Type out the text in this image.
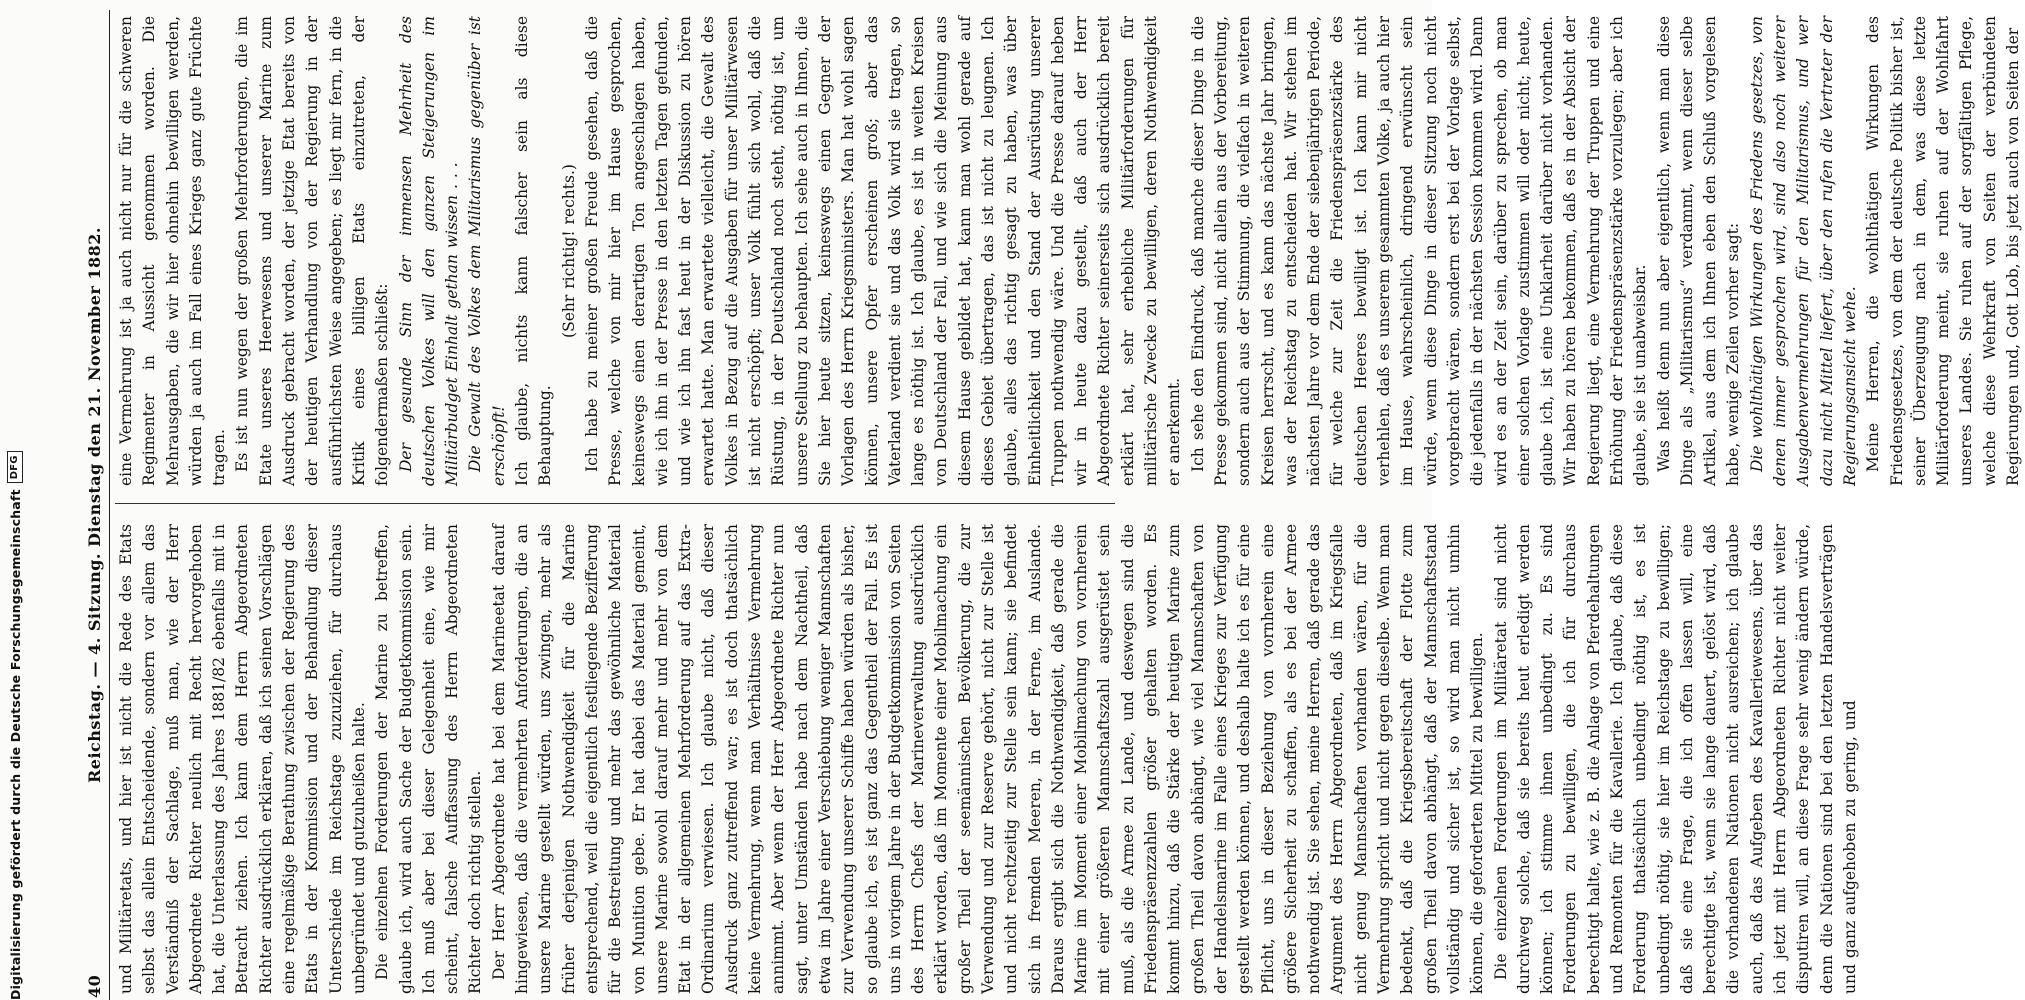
40
Reichstag. — 4. Sitzung. Dienstag den 21. November 1882. und Militäretats, und hier ist nicht die Rede des Etats selbst das allein Entscheidende, sondern vor allem das Verständniß der Sachlage, muß man, wie der Herr Abgeordnete Richter neulich mit Recht hervorgehoben hat, die Unterlassung des Jahres 1881/82 ebenfalls mit in Betracht ziehen. Ich kann dem Herrn Abgeordneten Richter ausdrücklich erklären, daß ich seinen Vorschlägen eine regelmäßige Berathung zwischen der Regierung des Etats in der Kommission und der Behandlung dieser Unterschiede im Reichstage zuzuziehen, für durchaus unbegründet und gutzuheißen halte. Die einzelnen Forderungen der Marine zu betreffen, glaube ich, wird auch Sache der Budgetkommission sein. Ich muß aber bei dieser Gelegenheit eine, wie mir scheint, falsche Auffassung des Herrn Abgeordneten Richter doch richtig stellen. Der Herr Abgeordnete hat bei dem Marineetat darauf hingewiesen, daß die vermehrten Anforderungen, die an unsere Marine gestellt würden, uns zwingen, mehr als früher derjenigen Nothwendigkeit für die Marine entsprechend, weil die eigentlich festliegende Bezifferung für die Bestreitung und mehr das gewöhnliche Material von Munition gebe. Er hat dabei das Material gemeint, unsere Marine sowohl darauf mehr und mehr von dem Etat in der allgemeinen Mehrforderung auf das Extra-Ordinarium verwiesen. Ich glaube nicht, daß dieser Ausdruck ganz zutreffend war; es ist doch thatsächlich keine Vermehrung, wenn man Verhältnisse Vermehrung annimmt. Aber wenn der Herr Abgeordnete Richter nun sagt, unter Umständen habe nach dem Nachtheil, daß etwa im Jahre einer Verschiebung weniger Mannschaften zur Verwendung unserer Schiffe haben würden als bisher, so glaube ich, es ist ganz das Gegentheil der Fall. Es ist uns in vorigem Jahre in der Budgetkommission von Seiten des Herrn Chefs der Marineverwaltung ausdrücklich erklärt worden, daß im Momente einer Mobilmachung ein großer Theil der seemännischen Bevölkerung, die zur Verwendung und zur Reserve gehört, nicht zur Stelle ist und nicht rechtzeitig zur Stelle sein kann; sie befindet sich in fremden Meeren, in der Ferne, im Auslande. Daraus ergibt sich die Nothwendigkeit, daß gerade die Marine im Moment einer Mobilmachung von vornherein mit einer größeren Mannschaftszahl ausgerüstet sein muß, als die Armee zu Lande, und deswegen sind die Friedenspräsenzzahlen größer gehalten worden. Es kommt hinzu, daß die Stärke der heutigen Marine zum großen Theil davon abhängt, wie viel Mannschaften von der Handelsmarine im Falle eines Krieges zur Verfügung gestellt werden können, und deshalb halte ich es für eine Pflicht, uns in dieser Beziehung von vornherein eine größere Sicherheit zu schaffen, als es bei der Armee nothwendig ist. Sie sehen, meine Herren, daß gerade das Argument des Herrn Abgeordneten, daß im Kriegsfalle nicht genug Mannschaften vorhanden wären, für die Vermehrung spricht und nicht gegen dieselbe. Wenn man bedenkt, daß die Kriegsbereitschaft der Flotte zum großen Theil davon abhängt, daß der Mannschaftsstand vollständig und sicher ist, so wird man nicht umhin können, die geforderten Mittel zu bewilligen. Die einzelnen Forderungen im Militäretat sind nicht durchweg solche, daß sie bereits heut erledigt werden können; ich stimme ihnen unbedingt zu. Es sind Forderungen zu bewilligen, die ich für durchaus berechtigt halte, wie z. B. die Anlage von Pferdehaltungen und Remonten für die Kavallerie. Ich glaube, daß diese Forderung thatsächlich unbedingt nöthig ist, es ist unbedingt nöthig, sie hier im Reichstage zu bewilligen; daß sie eine Frage, die ich offen lassen will, eine berechtigte ist, wenn sie lange dauert, gelöst wird, daß die vorhandenen Nationen nicht ausreichen; ich glaube auch, daß das Aufgeben des Kavalleriewesens, über das ich jetzt mit Herrn Abgeordneten Richter nicht weiter disputiren will, an diese Frage sehr wenig ändern würde, denn die Nationen sind bei den letzten Handelsverträgen und ganz aufgehoben zu gering, und

eine Vermehrung ist ja auch nicht nur für die schweren Regimenter in Aussicht genommen worden. Die Mehrausgaben, die wir hier ohnehin bewilligen werden, würden ja auch im Fall eines Krieges ganz gute Früchte tragen. Es ist nun wegen der großen Mehrforderungen, die im Etate unseres Heerwesens und unserer Marine zum Ausdruck gebracht worden, der jetzige Etat bereits von der heutigen Verhandlung von der Regierung in der ausführlichsten Weise angegeben; es liegt mir fern, in die Kritik eines billigen Etats einzutreten, der folgendermaßen schließt: Der gesunde Sinn der immensen Mehrheit des deutschen Volkes will den ganzen Steigerungen im Militärbudget Einhalt gethan wissen . . . Die Gewalt des Volkes dem Militarismus gegenüber ist erschöpft! Ich glaube, nichts kann falscher sein als diese Behauptung.

(Sehr richtig! rechts.) Ich habe zu meiner großen Freude gesehen, daß die Presse, welche von mir hier im Hause gesprochen, keineswegs einen derartigen Ton angeschlagen haben, wie ich ihn in der Presse in den letzten Tagen gefunden, und wie ich ihn fast heut in der Diskussion zu hören erwartet hatte. Man erwartete vielleicht, die Gewalt des Volkes in Bezug auf die Ausgaben für unser Militärwesen ist nicht erschöpft; unser Volk fühlt sich wohl, daß die Rüstung, in der Deutschland noch steht, nöthig ist, um unsere Stellung zu behaupten. Ich sehe auch in Ihnen, die Sie hier heute sitzen, keineswegs einen Gegner der Vorlagen des Herrn Kriegsministers. Man hat wohl sagen können, unsere Opfer erscheinen groß; aber das Vaterland verdient sie und das Volk wird sie tragen, so lange es nöthig ist. Ich glaube, es ist in weiten Kreisen von Deutschland der Fall, und wie sich die Meinung aus diesem Hause gebildet hat, kann man wohl gerade auf dieses Gebiet übertragen, das ist nicht zu leugnen. Ich glaube, alles das richtig gesagt zu haben, was über Einheitlichkeit und den Stand der Ausrüstung unserer Truppen nothwendig wäre. Und die Presse darauf heben wir in heute dazu gestellt, daß auch der Herr Abgeordnete Richter seinerseits sich ausdrücklich bereit erklärt hat, sehr erhebliche Militärforderungen für militärische Zwecke zu bewilligen, deren Nothwendigkeit er anerkennt. Ich sehe den Eindruck, daß manche dieser Dinge in die Presse gekommen sind, nicht allein aus der Vorbereitung, sondern auch aus der Stimmung, die vielfach in weiteren Kreisen herrscht, und es kann das nächste Jahr bringen, was der Reichstag zu entscheiden hat. Wir stehen im nächsten Jahre vor dem Ende der siebenjährigen Periode, für welche zur Zeit die Friedenspräsenzstärke des deutschen Heeres bewilligt ist. Ich kann mir nicht verhehlen, daß es unserem gesammten Volke, ja auch hier im Hause, wahrscheinlich, dringend erwünscht sein würde, wenn diese Dinge in dieser Sitzung noch nicht vorgebracht wären, sondern erst bei der Vorlage selbst, die jedenfalls in der nächsten Session kommen wird. Dann wird es an der Zeit sein, darüber zu sprechen, ob man einer solchen Vorlage zustimmen will oder nicht; heute, glaube ich, ist eine Unklarheit darüber nicht vorhanden. Wir haben zu hören bekommen, daß es in der Absicht der Regierung liegt, eine Vermehrung der Truppen und eine Erhöhung der Friedenspräsenzstärke vorzulegen; aber ich glaube, sie ist unabweisbar. Was heißt denn nun aber eigentlich, wenn man diese Dinge als „Militarismus“ verdammt, wenn dieser selbe Artikel, aus dem ich Ihnen eben den Schluß vorgelesen habe, wenige Zeilen vorher sagt: Die wohlthätigen Wirkungen des Friedens gesetzes, von denen immer gesprochen wird, sind also noch weiterer Ausgabenvermehrungen für den Militarismus, und wer dazu nicht Mittel liefert, über den rufen die Vertreter der Regierungsansicht wehe. Meine Herren, die wohlthätigen Wirkungen des Friedensgesetzes, von dem der deutsche Politik bisher ist, seiner Überzeugung nach in dem, was diese letzte Militärforderung meint, sie ruhen auf der Wohlfahrt unseres Landes. Sie ruhen auf der sorgfältigen Pflege, welche diese Wehrkraft von Seiten der verbündeten Regierungen und, Gott Lob, bis jetzt auch von Seiten der

Digitalisierung gefördert durch die Deutsche Forschungsgemeinschaft
DFG
